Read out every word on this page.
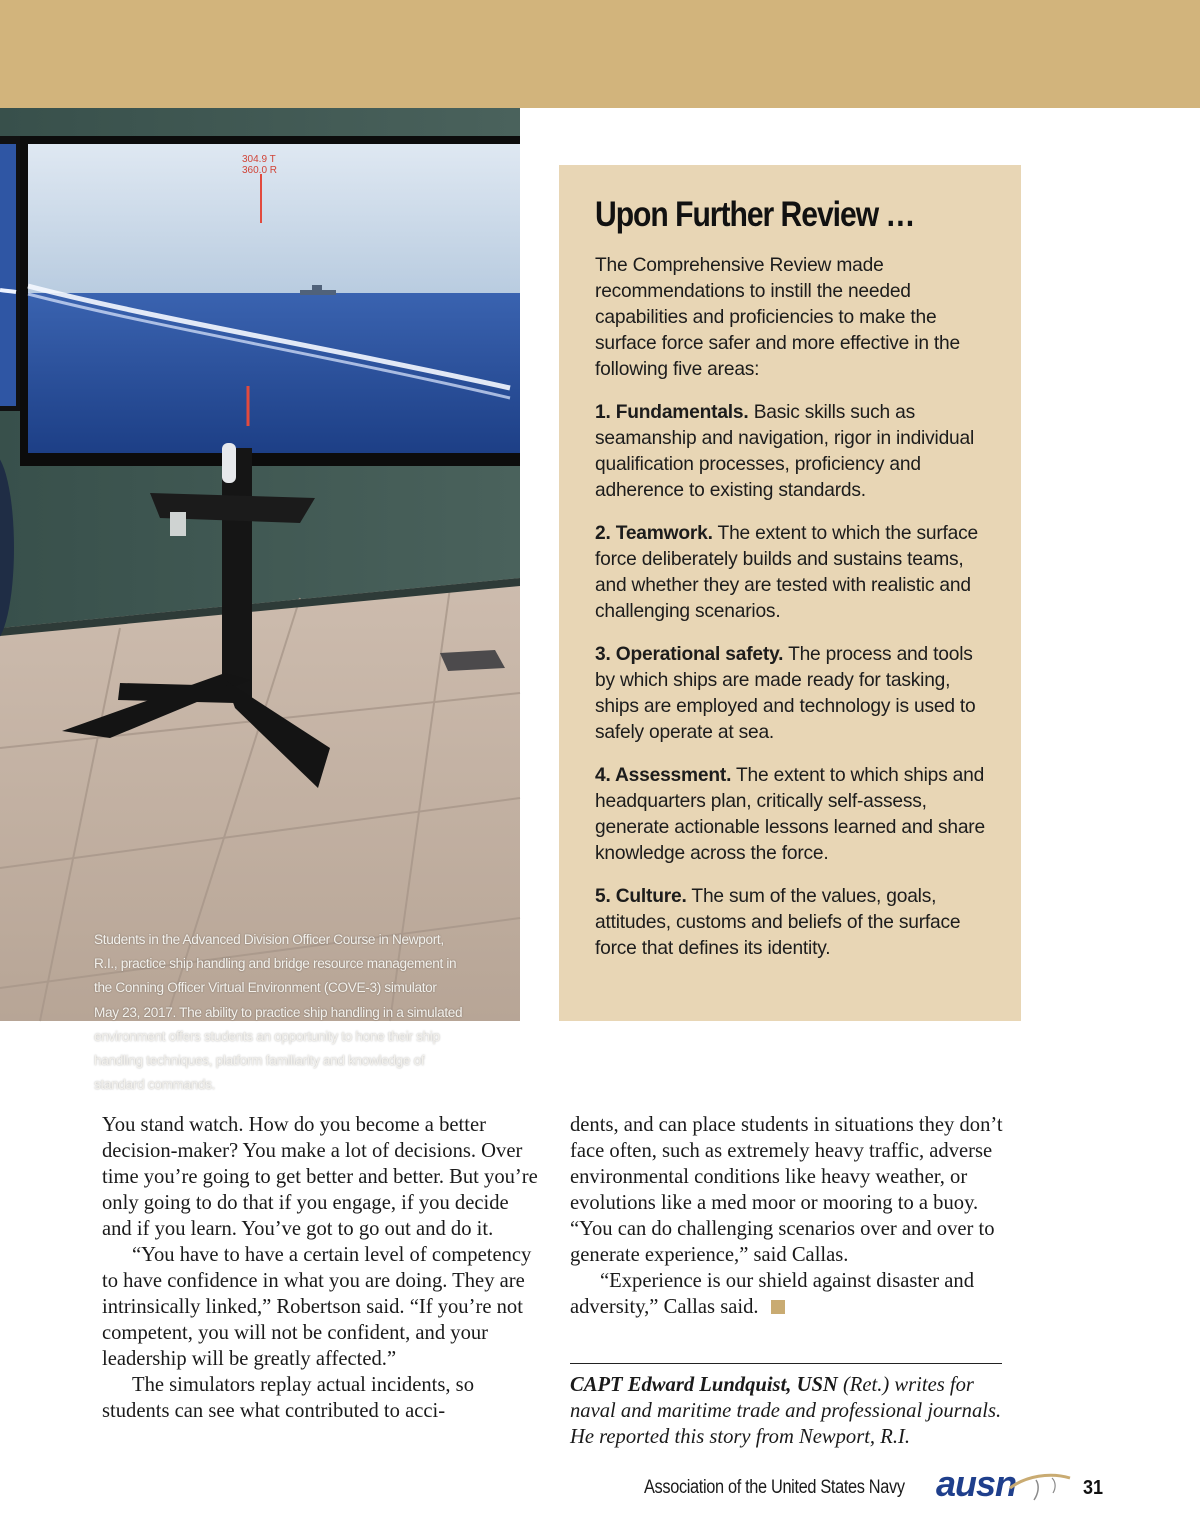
304.9 T
360.0 R
Students in the Advanced Division Officer Course in Newport, R.I., practice ship handling and bridge resource management in the Conning Officer Virtual Environment (COVE-3) simulator May 23, 2017. The ability to practice ship handling in a simulated environment offers students an opportunity to hone their ship handling techniques, platform familiarity and knowledge of standard commands.
Upon Further Review …

The Comprehensive Review made recommendations to instill the needed capabilities and proficiencies to make the surface force safer and more effective in the following five areas:

1. Fundamentals. Basic skills such as seamanship and navigation, rigor in individual qualification processes, proficiency and adherence to existing standards.

2. Teamwork. The extent to which the surface force deliberately builds and sustains teams, and whether they are tested with realistic and challenging scenarios.

3. Operational safety. The process and tools by which ships are made ready for tasking, ships are employed and technology is used to safely operate at sea.

4. Assessment. The extent to which ships and headquarters plan, critically self-assess, generate actionable lessons learned and share knowledge across the force.

5. Culture. The sum of the values, goals, attitudes, customs and beliefs of the surface force that defines its identity.

You stand watch. How do you become a better decision-maker? You make a lot of decisions. Over time you’re going to get better and better. But you’re only going to do that if you engage, if you decide and if you learn. You’ve got to go out and do it.

“You have to have a certain level of competency to have confidence in what you are doing. They are intrinsically linked,” Robertson said. “If you’re not competent, you will not be confident, and your leadership will be greatly affected.”

The simulators replay actual incidents, so students can see what contributed to acci-

dents, and can place students in situations they don’t face often, such as extremely heavy traffic, adverse environmental conditions like heavy weather, or evolutions like a med moor or mooring to a buoy. “You can do challenging scenarios over and over to generate experience,” said Callas.

“Experience is our shield against disaster and adversity,” Callas said.

CAPT Edward Lundquist, USN (Ret.) writes for naval and maritime trade and professional journals. He reported this story from Newport, R.I.
Association of the United States Navy ausn	31
